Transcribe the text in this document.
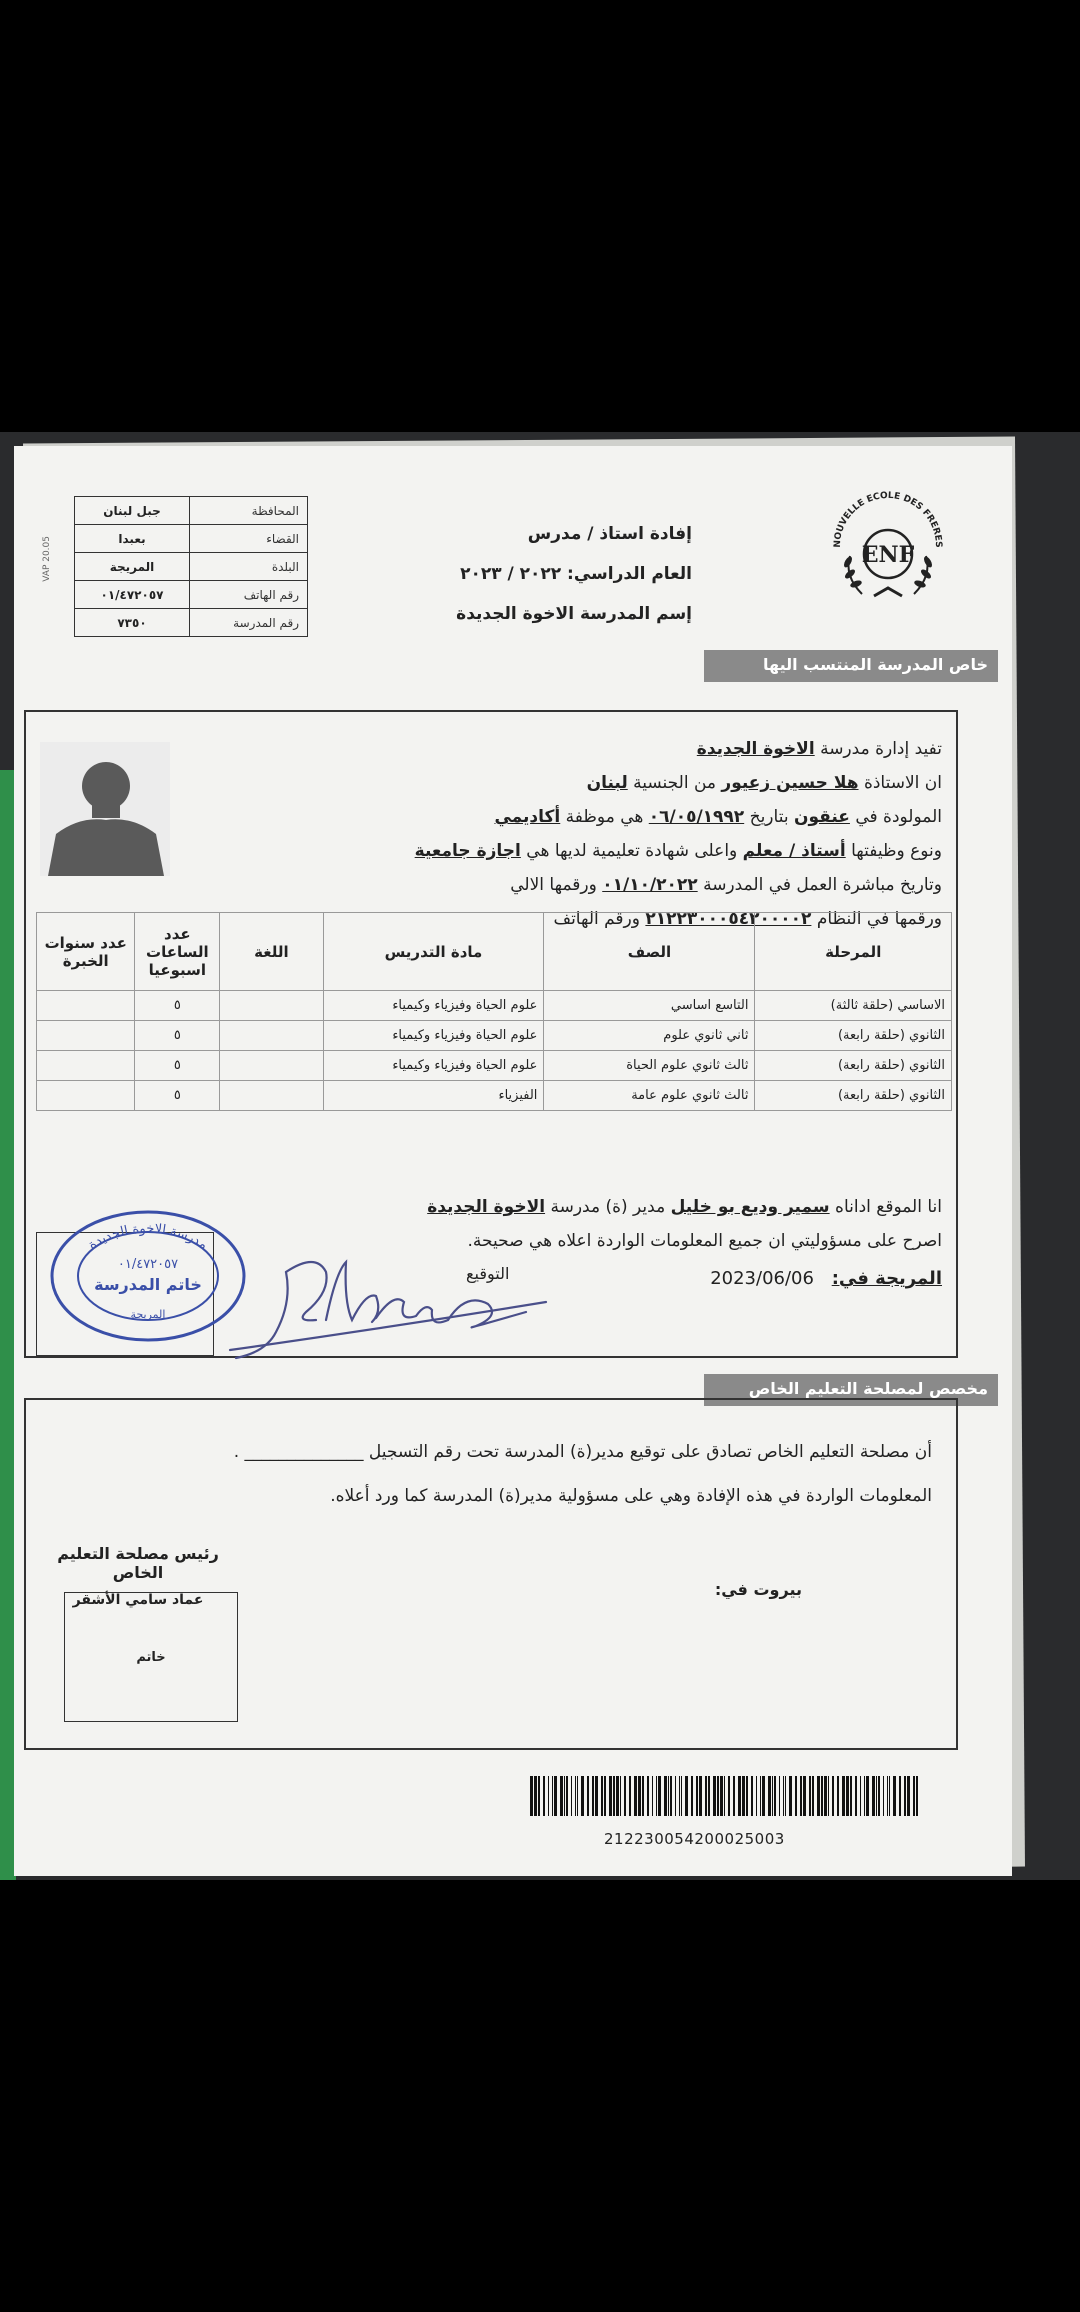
ENF
NOUVELLE ECOLE DES FRERES
إفادة استاذ / مدرس
العام الدراسي: ٢٠٢٢ / ٢٠٢٣
إسم المدرسة الاخوة الجديدة
VAP 20.05
المحافظة	جبل لبنان
القضاء	بعبدا
البلدة	المريجة
رقم الهاتف	٠١/٤٧٢٠٥٧
رقم المدرسة	٧٣٥٠
خاص المدرسة المنتسب اليها
تفيد إدارة مدرسة الاخوة الجديدة
ان الاستاذة هلا حسين زعيور من الجنسية لبنان
المولودة في عنقون بتاريخ ٠٦/٠٥/١٩٩٢ هي موظفة أكاديمي
ونوع وظيفتها أستاذ / معلم واعلى شهادة تعليمية لديها هي اجازة جامعية
وتاريخ مباشرة العمل في المدرسة ٠١/١٠/٢٠٢٢ ورقمها الالي
ورقمها في النظام ٢١٢٢٣٠٠٠٥٤٢٠٠٠٠٢ ورقم الهاتف
المرحلة	الصف	مادة التدريس	اللغة	عدد الساعات اسبوعيا	عدد سنوات الخبرة
الاساسي (حلقة ثالثة)	التاسع اساسي	علوم الحياة وفيزياء وكيمياء		٥	
الثانوي (حلقة رابعة)	ثاني ثانوي علوم	علوم الحياة وفيزياء وكيمياء		٥	
الثانوي (حلقة رابعة)	ثالث ثانوي علوم الحياة	علوم الحياة وفيزياء وكيمياء		٥	
الثانوي (حلقة رابعة)	ثالث ثانوي علوم عامة	الفيزياء		٥	
انا الموقع اداناه سمير وديع بو خليل مدير (ة) مدرسة الاخوة الجديدة
اصرح على مسؤوليتي ان جميع المعلومات الواردة اعلاه هي صحيحة.
المريجة في: 2023/06/06
التوقيع
مدرسة الاخوة الجديدة
٠١/٤٧٢٠٥٧
خاتم المدرسة
المريجة
مخصص لمصلحة التعليم الخاص
أن مصلحة التعليم الخاص تصادق على توقيع مدير(ة) المدرسة تحت رقم التسجيل ______________ .
المعلومات الواردة في هذه الإفادة وهي على مسؤولية مدير(ة) المدرسة كما ورد أعلاه.
رئيس مصلحة التعليم الخاص
عماد سامي الأشقر
خاتم
بيروت في:
212230054200025003
